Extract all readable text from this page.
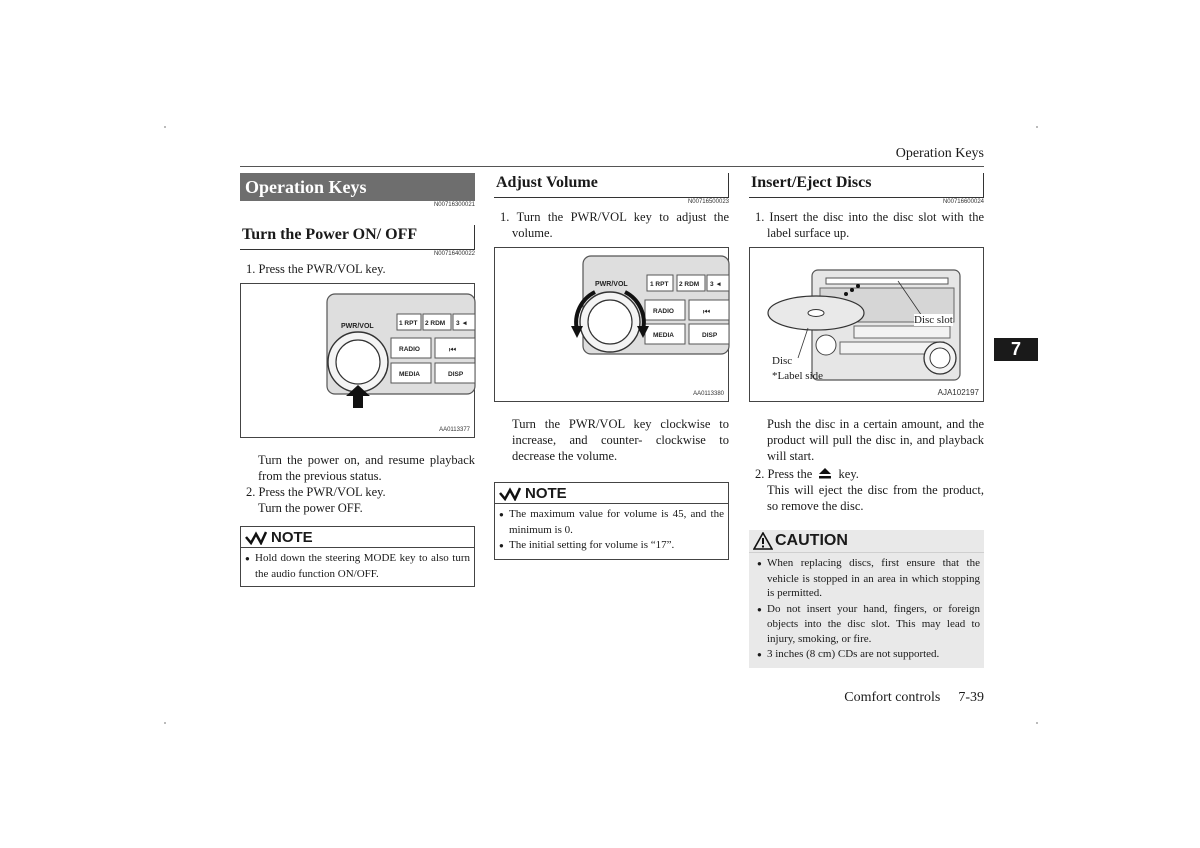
Operation Keys
Operation Keys
N00716300021
Turn the Power ON/ OFF
N00716400022
1. Press the PWR/VOL key.
PWR/VOL	1 RPT 2 RDM 3 ◄
RADIO	⏮
MEDIA	DISP
AA0113377
Turn the power on, and resume playback from the previous status.
2. Press the PWR/VOL key.
Turn the power OFF.
NOTE
● Hold down the steering MODE key to also turn the audio function ON/OFF.
Adjust Volume
N00716500023
1. Turn the PWR/VOL key to adjust the volume.
PWR/VOL	1 RPT 2 RDM 3 ◄
RADIO	⏮
MEDIA	DISP
AA0113380
Turn the PWR/VOL key clockwise to increase, and counter- clockwise to decrease the volume.
NOTE
● The maximum value for volume is 45, and the minimum is 0.
● The initial setting for volume is “17”.
Insert/Eject Discs
N00716600024
1. Insert the disc into the disc slot with the label surface up.
Disc slot
Disc
*Label side
AJA102197
Push the disc in a certain amount, and the product will pull the disc in, and playback will start.
2. Press the key.
This will eject the disc from the product, so remove the disc.
CAUTION
● When replacing discs, first ensure that the vehicle is stopped in an area in which stopping is permitted.
● Do not insert your hand, fingers, or foreign objects into the disc slot. This may lead to injury, smoking, or fire.
● 3 inches (8 cm) CDs are not supported.
7
Comfort controls 7-39
